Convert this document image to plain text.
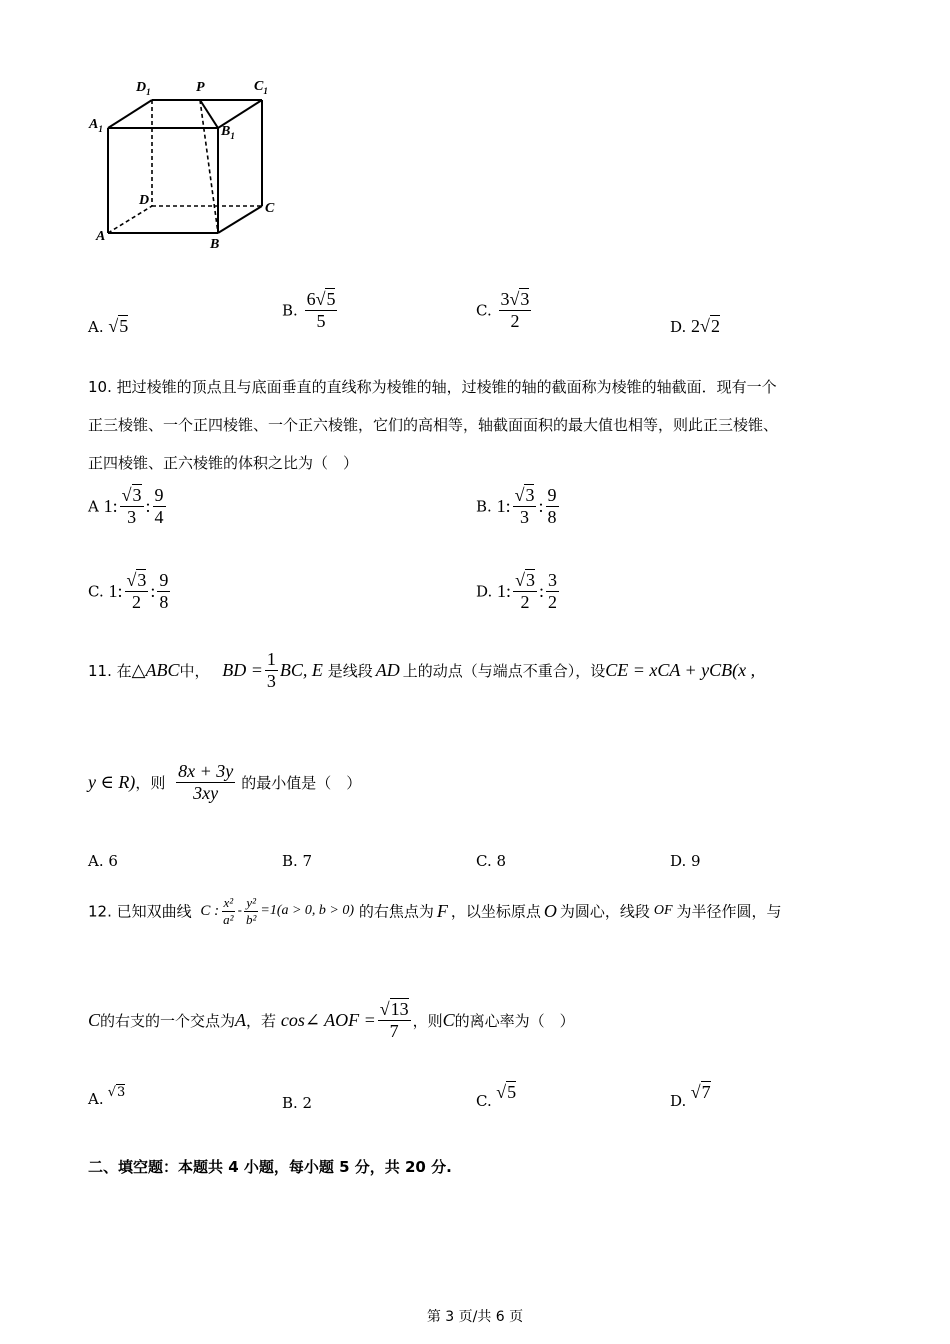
$D_1$	P	$C_1$
$A_1$	$B_1$
D
C
A
B
A. √5
B. $\frac{6√5}{5}$	C. $\frac{3√3}{2}$	D. 2√2
10. 把过棱锥的顶点且与底面垂直的直线称为棱锥的轴，过棱锥的轴的截面称为棱锥的轴截面．现有一个
正三棱锥、一个正四棱锥、一个正六棱锥，它们的高相等，轴截面面积的最大值也相等，则此正三棱锥、
正四棱锥、正六棱锥的体积之比为（　）
A 1: $\frac{√3}{3}$ : $\frac{9}{4}$	B. 1: $\frac{√3}{3}$ : $\frac{9}{8}$
C. 1: $\frac{√3}{2}$ : $\frac{9}{8}$	D. 1: $\frac{√3}{2}$ : $\frac{3}{2}$
11. 在△ABC中， BD = $\frac{1}{3}$ BC, E 是线段 AD 上的动点（与端点不重合），设CE = xCA + yCB(x ,
y ∈ R)，则 $\frac{8x + 3y}{3xy}$ 的最小值是（　）
A. 6	B. 7	C. 8	D. 9
12. 已知双曲线 C : $\frac{\text{x²}}{\text{a²}} - \frac{\text{y²}}{\text{b²}} =1(a > 0$, b > 0) 的右焦点为 F ，以坐标原点 O 为圆心，线段 OF 为半径作圆，与
C的右支的一个交点为A，若 cos∠ AOF = $\frac{√13}{7}$ ，则C的离心率为（　）
A. √3
B. 2	C. √5	D. √7
二、填空题：本题共 4 小题，每小题 5 分，共 20 分.
第 3 页/共 6 页
